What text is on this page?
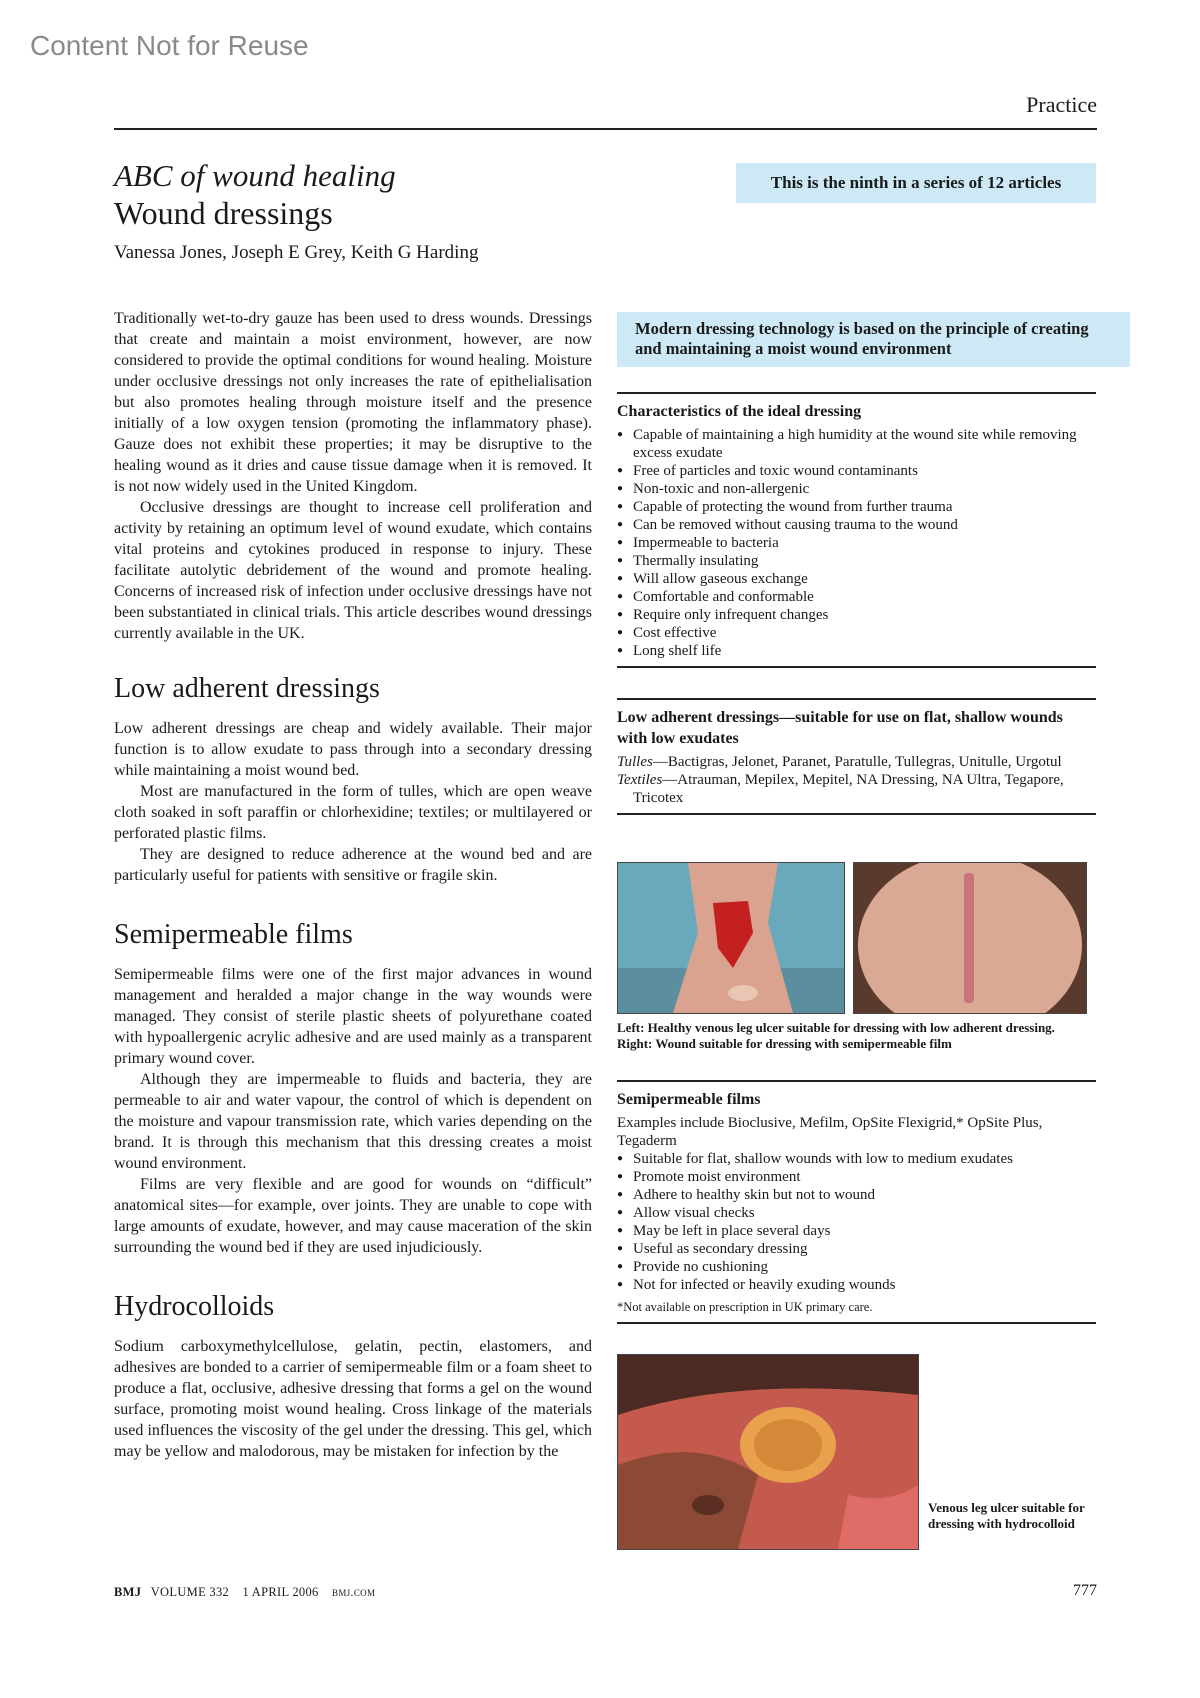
Content Not for Reuse
Practice
ABC of wound healing
Wound dressings
Vanessa Jones, Joseph E Grey, Keith G Harding
This is the ninth in a series of 12 articles

Traditionally wet-to-dry gauze has been used to dress wounds. Dressings that create and maintain a moist environment, however, are now considered to provide the optimal conditions for wound healing. Moisture under occlusive dressings not only increases the rate of epithelialisation but also promotes healing through moisture itself and the presence initially of a low oxygen tension (promoting the inflammatory phase). Gauze does not exhibit these properties; it may be disruptive to the healing wound as it dries and cause tissue damage when it is removed. It is not now widely used in the United Kingdom.

Occlusive dressings are thought to increase cell proliferation and activity by retaining an optimum level of wound exudate, which contains vital proteins and cytokines produced in response to injury. These facilitate autolytic debridement of the wound and promote healing. Concerns of increased risk of infection under occlusive dressings have not been substantiated in clinical trials. This article describes wound dressings currently available in the UK.

Low adherent dressings

Low adherent dressings are cheap and widely available. Their major function is to allow exudate to pass through into a secondary dressing while maintaining a moist wound bed.

Most are manufactured in the form of tulles, which are open weave cloth soaked in soft paraffin or chlorhexidine; textiles; or multilayered or perforated plastic films.

They are designed to reduce adherence at the wound bed and are particularly useful for patients with sensitive or fragile skin.

Semipermeable films

Semipermeable films were one of the first major advances in wound management and heralded a major change in the way wounds were managed. They consist of sterile plastic sheets of polyurethane coated with hypoallergenic acrylic adhesive and are used mainly as a transparent primary wound cover.

Although they are impermeable to fluids and bacteria, they are permeable to air and water vapour, the control of which is dependent on the moisture and vapour transmission rate, which varies depending on the brand. It is through this mechanism that this dressing creates a moist wound environment.

Films are very flexible and are good for wounds on “difficult” anatomical sites—for example, over joints. They are unable to cope with large amounts of exudate, however, and may cause maceration of the skin surrounding the wound bed if they are used injudiciously.

Hydrocolloids

Sodium carboxymethylcellulose, gelatin, pectin, elastomers, and adhesives are bonded to a carrier of semipermeable film or a foam sheet to produce a flat, occlusive, adhesive dressing that forms a gel on the wound surface, promoting moist wound healing. Cross linkage of the materials used influences the viscosity of the gel under the dressing. This gel, which may be yellow and malodorous, may be mistaken for infection by the

Modern dressing technology is based on the principle of creating and maintaining a moist wound environment
Characteristics of the ideal dressing
● Capable of maintaining a high humidity at the wound site while removing excess exudate
● Free of particles and toxic wound contaminants
● Non-toxic and non-allergenic
● Capable of protecting the wound from further trauma
● Can be removed without causing trauma to the wound
● Impermeable to bacteria
● Thermally insulating
● Will allow gaseous exchange
● Comfortable and conformable
● Require only infrequent changes
● Cost effective
● Long shelf life
Low adherent dressings—suitable for use on flat, shallow wounds with low exudates

Tulles—Bactigras, Jelonet, Paranet, Paratulle, Tullegras, Unitulle, Urgotul

Textiles—Atrauman, Mepilex, Mepitel, NA Dressing, NA Ultra, Tegapore, Tricotex

Left: Healthy venous leg ulcer suitable for dressing with low adherent dressing. Right: Wound suitable for dressing with semipermeable film
Semipermeable films

Examples include Bioclusive, Mefilm, OpSite Flexigrid,* OpSite Plus, Tegaderm

● Suitable for flat, shallow wounds with low to medium exudates
● Promote moist environment
● Adhere to healthy skin but not to wound
● Allow visual checks
● May be left in place several days
● Useful as secondary dressing
● Provide no cushioning
● Not for infected or heavily exuding wounds
*Not available on prescription in UK primary care.
Venous leg ulcer suitable for dressing with hydrocolloid
BMJ VOLUME 332 1 APRIL 2006 bmj.com	777
